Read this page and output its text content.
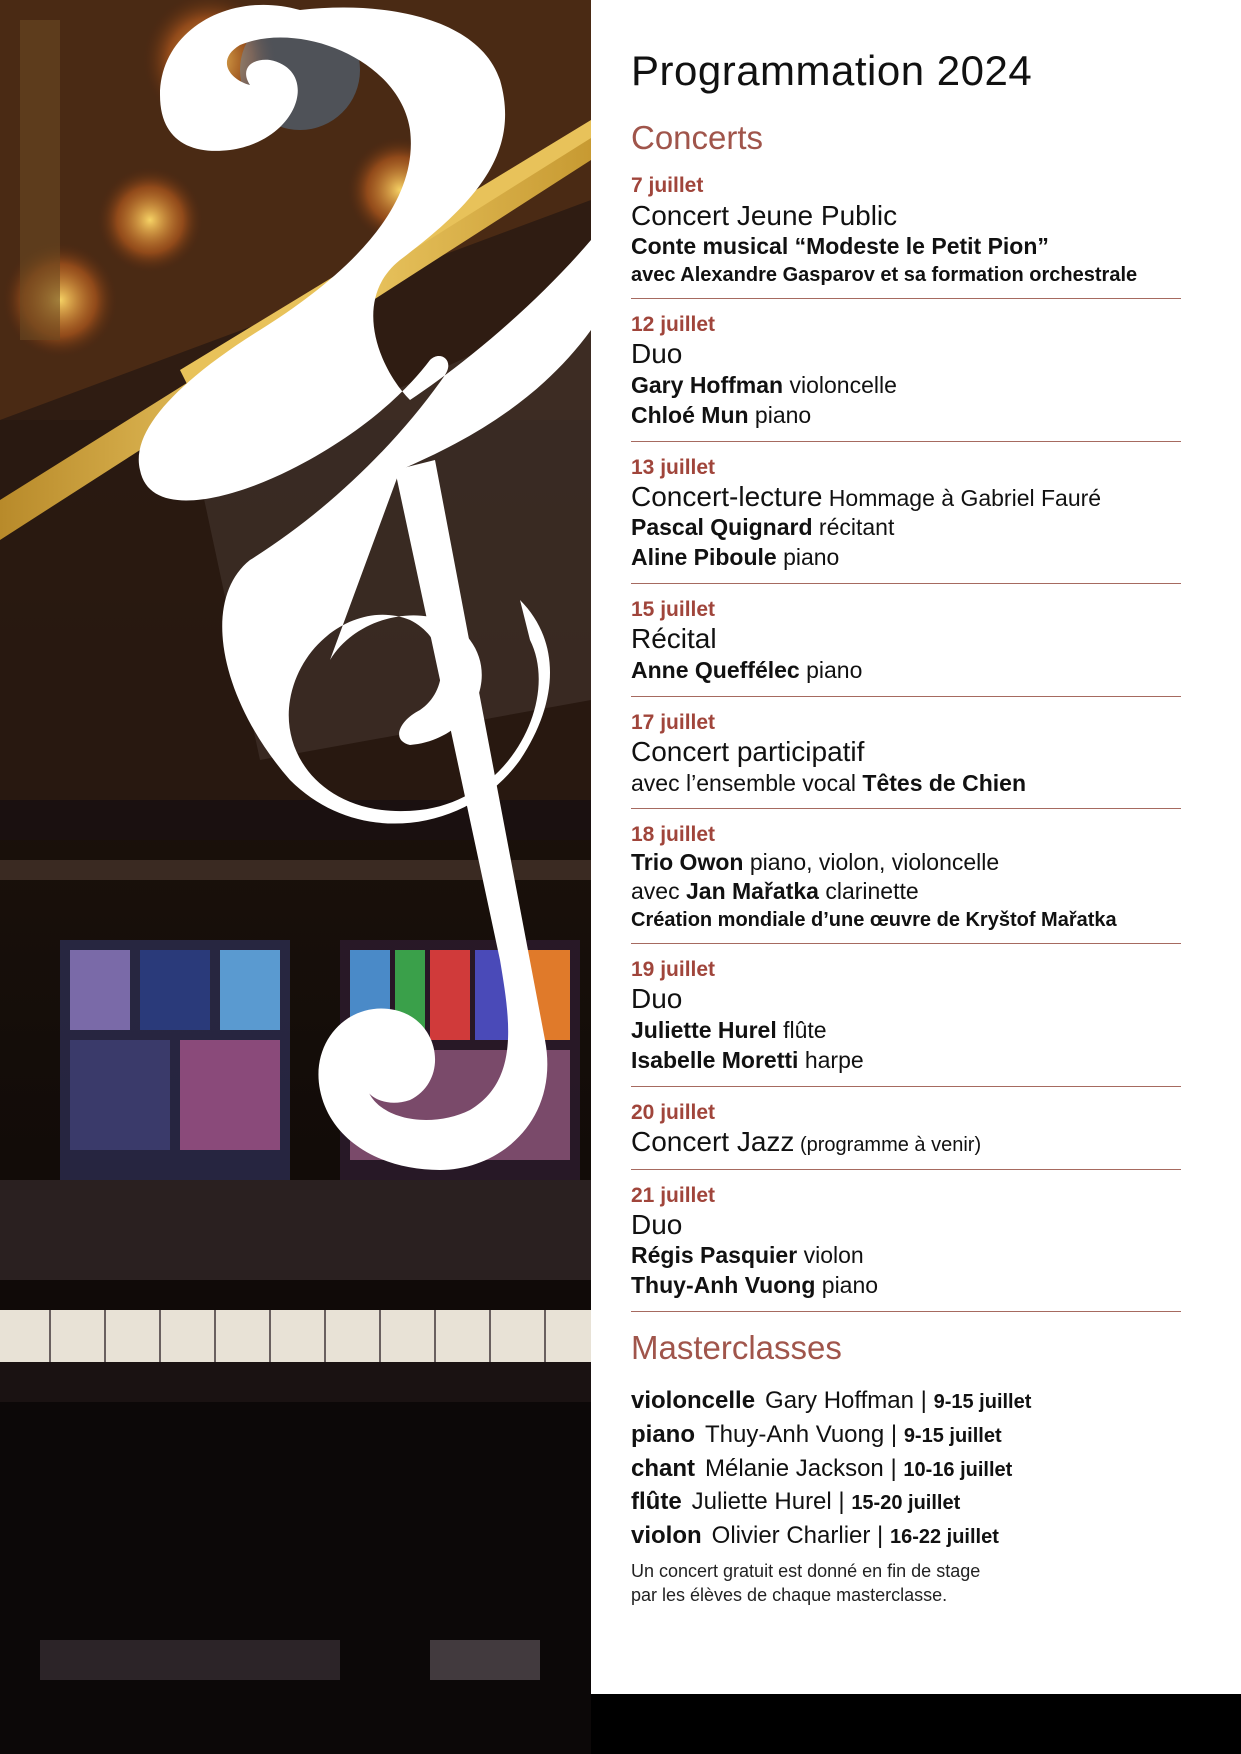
Programmation 2024
Concerts
7 juillet
Concert Jeune Public
Conte musical “Modeste le Petit Pion”
avec Alexandre Gasparov et sa formation orchestrale
12 juillet
Duo
Gary Hoffman violoncelle
Chloé Mun piano
13 juillet
Concert-lecture Hommage à Gabriel Fauré
Pascal Quignard récitant
Aline Piboule piano
15 juillet
Récital
Anne Queffélec piano
17 juillet
Concert participatif
avec l’ensemble vocal Têtes de Chien
18 juillet
Trio Owon piano, violon, violoncelle
avec Jan Mařatka clarinette
Création mondiale d’une œuvre de Kryštof Mařatka
19 juillet
Duo
Juliette Hurel flûte
Isabelle Moretti harpe
20 juillet
Concert Jazz (programme à venir)
21 juillet
Duo
Régis Pasquier violon
Thuy-Anh Vuong piano
Masterclasses
violoncelle Gary Hoffman | 9-15 juillet
piano Thuy-Anh Vuong | 9-15 juillet
chant Mélanie Jackson | 10-16 juillet
flûte Juliette Hurel | 15-20 juillet
violon Olivier Charlier | 16-22 juillet
Un concert gratuit est donné en fin de stage
par les élèves de chaque masterclasse.
